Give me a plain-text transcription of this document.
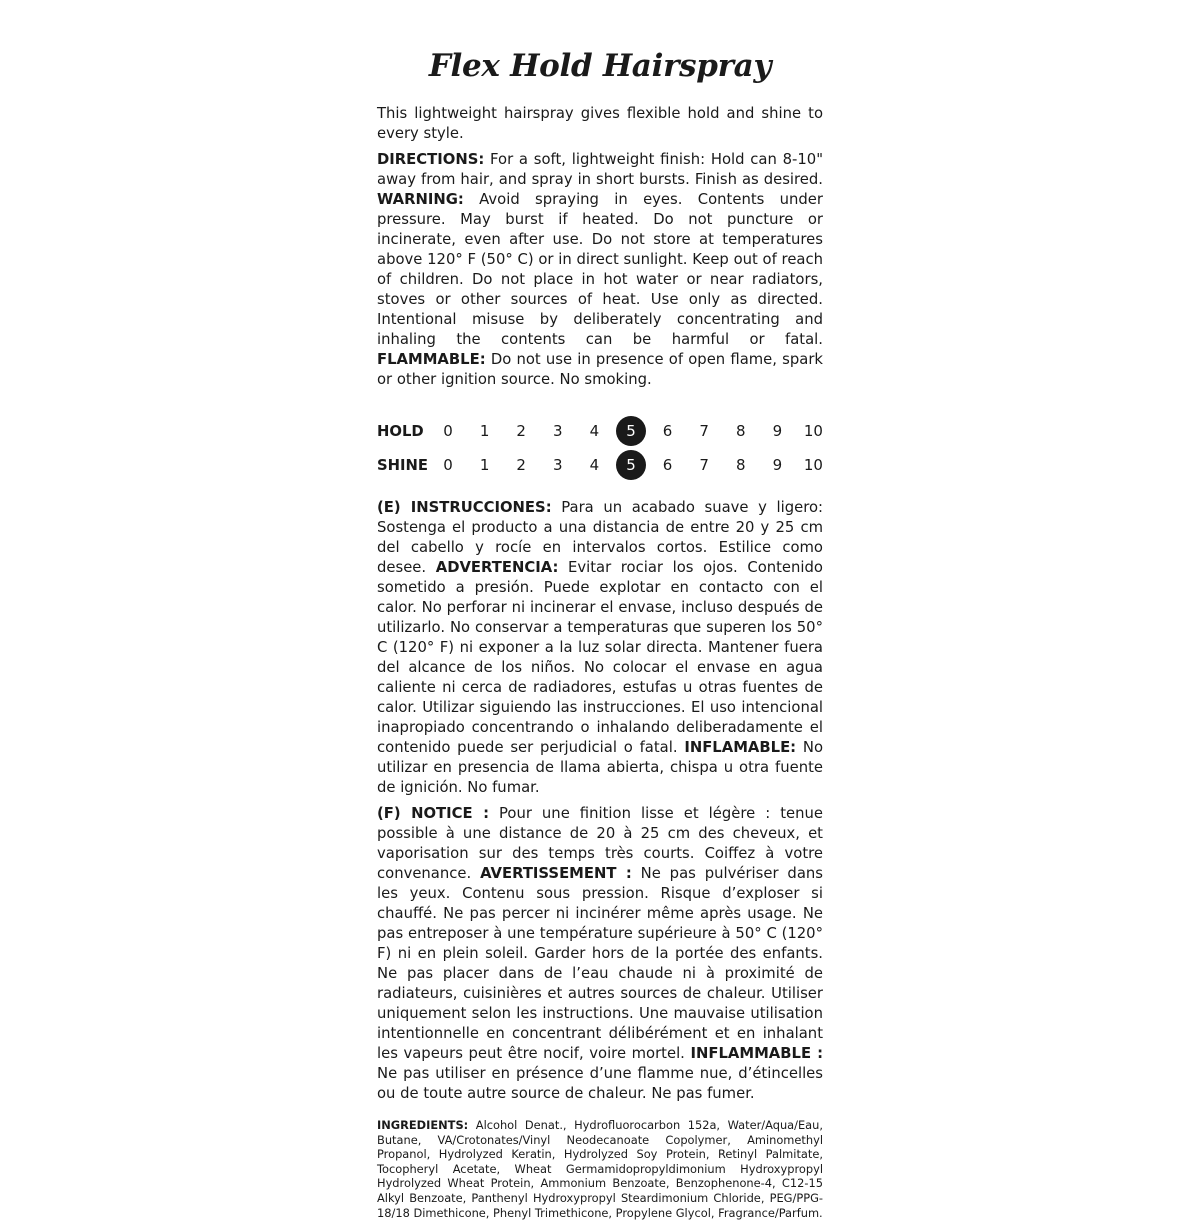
Flex Hold Hairspray

This lightweight hairspray gives flexible hold and shine to every style.

DIRECTIONS: For a soft, lightweight finish: Hold can 8-10" away from hair, and spray in short bursts. Finish as desired. WARNING: Avoid spraying in eyes. Contents under pressure. May burst if heated. Do not puncture or incinerate, even after use. Do not store at temperatures above 120° F (50° C) or in direct sunlight. Keep out of reach of children. Do not place in hot water or near radiators, stoves or other sources of heat. Use only as directed. Intentional misuse by deliberately concentrating and inhaling the contents can be harmful or fatal. FLAMMABLE: Do not use in presence of open flame, spark or other ignition source. No smoking.

HOLD	0	1	2	3	4	5	6	7	8	9	10
SHINE	0	1	2	3	4	5	6	7	8	9	10

(E) INSTRUCCIONES: Para un acabado suave y ligero: Sostenga el producto a una distancia de entre 20 y 25 cm del cabello y rocíe en intervalos cortos. Estilice como desee. ADVERTENCIA: Evitar rociar los ojos. Contenido sometido a presión. Puede explotar en contacto con el calor. No perforar ni incinerar el envase, incluso después de utilizarlo. No conservar a temperaturas que superen los 50° C (120° F) ni exponer a la luz solar directa. Mantener fuera del alcance de los niños. No colocar el envase en agua caliente ni cerca de radiadores, estufas u otras fuentes de calor. Utilizar siguiendo las instrucciones. El uso intencional inapropiado concentrando o inhalando deliberadamente el contenido puede ser perjudicial o fatal. INFLAMABLE: No utilizar en presencia de llama abierta, chispa u otra fuente de ignición. No fumar.

(F) NOTICE : Pour une finition lisse et légère : tenue possible à une distance de 20 à 25 cm des cheveux, et vaporisation sur des temps très courts. Coiffez à votre convenance. AVERTISSEMENT : Ne pas pulvériser dans les yeux. Contenu sous pression. Risque d’exploser si chauffé. Ne pas percer ni incinérer même après usage. Ne pas entreposer à une température supérieure à 50° C (120° F) ni en plein soleil. Garder hors de la portée des enfants. Ne pas placer dans de l’eau chaude ni à proximité de radiateurs, cuisinières et autres sources de chaleur. Utiliser uniquement selon les instructions. Une mauvaise utilisation intentionnelle en concentrant délibérément et en inhalant les vapeurs peut être nocif, voire mortel. INFLAMMABLE : Ne pas utiliser en présence d’une flamme nue, d’étincelles ou de toute autre source de chaleur. Ne pas fumer.

INGREDIENTS: Alcohol Denat., Hydrofluorocarbon 152a, Water/Aqua/Eau, Butane, VA/Crotonates/Vinyl Neodecanoate Copolymer, Aminomethyl Propanol, Hydrolyzed Keratin, Hydrolyzed Soy Protein, Retinyl Palmitate, Tocopheryl Acetate, Wheat Germamidopropyldimonium Hydroxypropyl Hydrolyzed Wheat Protein, Ammonium Benzoate, Benzophenone-4, C12-15 Alkyl Benzoate, Panthenyl Hydroxypropyl Steardimonium Chloride, PEG/PPG-18/18 Dimethicone, Phenyl Trimethicone, Propylene Glycol, Fragrance/Parfum.
